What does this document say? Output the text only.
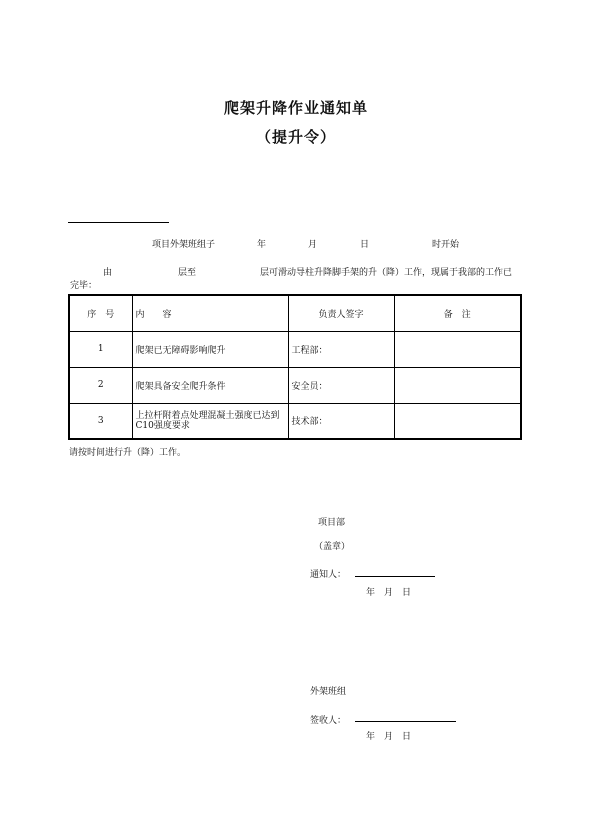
爬架升降作业通知单
（提升令）
项目外架班组子	年	月	日	时开始
由	层至	层可滑动导柱升降脚手架的升（降）工作，现属于我部的工作已
完毕：
序　号	内　　容	负责人签字	备　注
1	爬架已无障碍影响爬升	工程部：	
2	爬架具备安全爬升条件	安全员：	
3	上拉杆附着点处理混凝土强度已达到C10强度要求	技术部：	
请按时间进行升（降）工作。
项目部
（盖章）
通知人：
年　月　日
外架班组
签收人：
年　月　日
